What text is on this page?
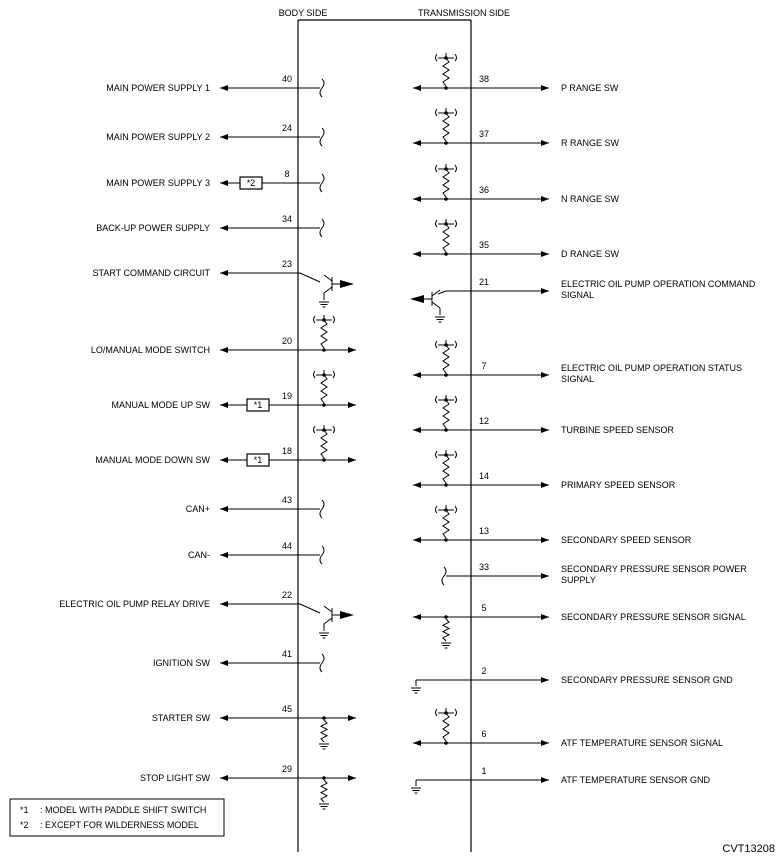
BODY SIDE	TRANSMISSION SIDE
MAIN POWER SUPPLY 1
40
MAIN POWER SUPPLY 2
24
MAIN POWER SUPPLY 3
8
*2
BACK-UP POWER SUPPLY
34
START COMMAND CIRCUIT
23
LO/MANUAL MODE SWITCH
20
MANUAL MODE UP SW
19
*1
MANUAL MODE DOWN SW
18
*1
CAN+
43
CAN-
44
ELECTRIC OIL PUMP RELAY DRIVE
22
IGNITION SW
41
STARTER SW
45
STOP LIGHT SW
29
P RANGE SW
38
R RANGE SW
37
N RANGE SW
36
D RANGE SW
35
ELECTRIC OIL PUMP OPERATION COMMAND
SIGNAL
21
ELECTRIC OIL PUMP OPERATION STATUS
SIGNAL
7
TURBINE SPEED SENSOR
12
PRIMARY SPEED SENSOR
14
SECONDARY SPEED SENSOR
13
SECONDARY PRESSURE SENSOR POWER
SUPPLY
33
SECONDARY PRESSURE SENSOR SIGNAL
5
SECONDARY PRESSURE SENSOR GND
2
ATF TEMPERATURE SENSOR SIGNAL
6
ATF TEMPERATURE SENSOR GND
1
*1 : MODEL WITH PADDLE SHIFT SWITCH
*2 : EXCEPT FOR WILDERNESS MODEL
CVT13208
